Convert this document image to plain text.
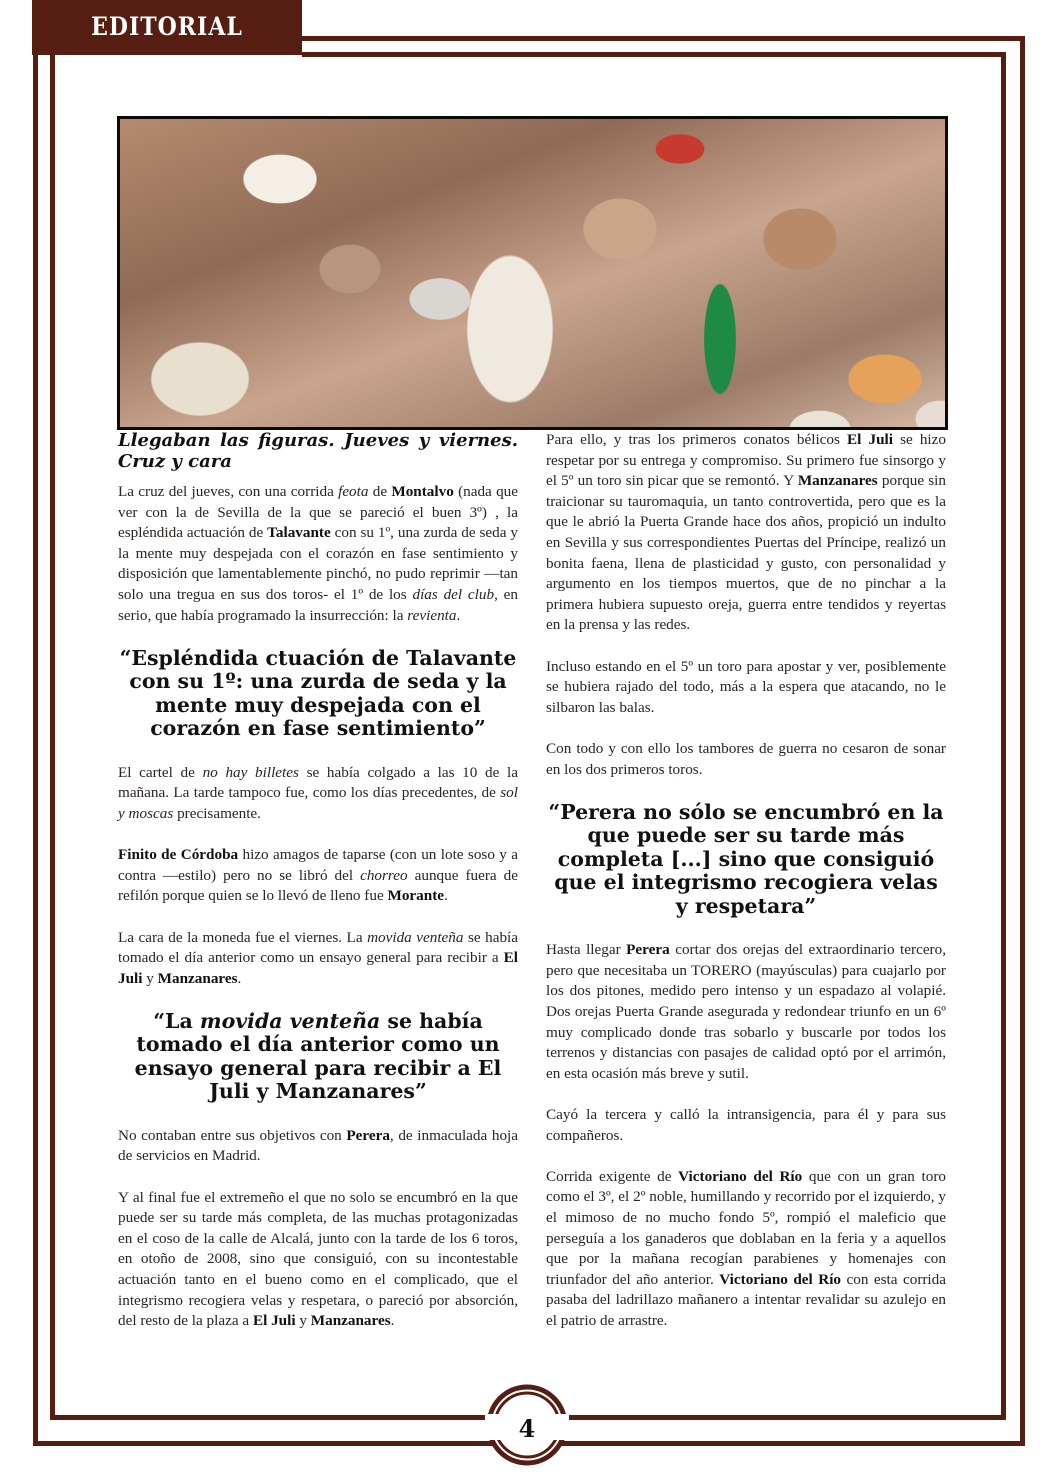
EDITORIAL
Llegaban las figuras. Jueves y viernes. Cruz y cara

La cruz del jueves, con una corrida feota de Montalvo (nada que ver con la de Sevilla de la que se pareció el buen 3º) , la espléndida actuación de Talavante con su 1º, una zurda de seda y la mente muy despejada con el corazón en fase sentimiento y disposición que lamentablemente pinchó, no pudo reprimir —tan solo una tregua en sus dos toros- el 1º de los días del club, en serio, que había programado la insurrección: la revienta.

“Espléndida ctuación de Talavante con su 1º: una zurda de seda y la mente muy despejada con el corazón en fase sentimiento”

El cartel de no hay billetes se había colgado a las 10 de la mañana. La tarde tampoco fue, como los días precedentes, de sol y moscas precisamente.

Finito de Córdoba hizo amagos de taparse (con un lote soso y a contra —estilo) pero no se libró del chorreo aunque fuera de refilón porque quien se lo llevó de lleno fue Morante.

La cara de la moneda fue el viernes. La movida venteña se había tomado el día anterior como un ensayo general para recibir a El Juli y Manzanares.

“La movida venteña se había tomado el día anterior como un ensayo general para recibir a El Juli y Manzanares”

No contaban entre sus objetivos con Perera, de inmaculada hoja de servicios en Madrid.

Y al final fue el extremeño el que no solo se encumbró en la que puede ser su tarde más completa, de las muchas protagonizadas en el coso de la calle de Alcalá, junto con la tarde de los 6 toros, en otoño de 2008, sino que consiguió, con su incontestable actuación tanto en el bueno como en el complicado, que el integrismo recogiera velas y respetara, o pareció por absorción, del resto de la plaza a El Juli y Manzanares.

Para ello, y tras los primeros conatos bélicos El Juli se hizo respetar por su entrega y compromiso. Su primero fue sinsorgo y el 5º un toro sin picar que se remontó. Y Manzanares porque sin traicionar su tauromaquia, un tanto controvertida, pero que es la que le abrió la Puerta Grande hace dos años, propició un indulto en Sevilla y sus correspondientes Puertas del Príncipe, realizó un bonita faena, llena de plasticidad y gusto, con personalidad y argumento en los tiempos muertos, que de no pinchar a la primera hubiera supuesto oreja, guerra entre tendidos y reyertas en la prensa y las redes.

Incluso estando en el 5º un toro para apostar y ver, posiblemente se hubiera rajado del todo, más a la espera que atacando, no le silbaron las balas.

Con todo y con ello los tambores de guerra no cesaron de sonar en los dos primeros toros.

“Perera no sólo se encumbró en la que puede ser su tarde más completa [...] sino que consiguió que el integrismo recogiera velas y respetara”

Hasta llegar Perera cortar dos orejas del extraordinario tercero, pero que necesitaba un TORERO (mayúsculas) para cuajarlo por los dos pitones, medido pero intenso y un espadazo al volapié. Dos orejas Puerta Grande asegurada y redondear triunfo en un 6º muy complicado donde tras sobarlo y buscarle por todos los terrenos y distancias con pasajes de calidad optó por el arrimón, en esta ocasión más breve y sutil.

Cayó la tercera y calló la intransigencia, para él y para sus compañeros.

Corrida exigente de Victoriano del Río que con un gran toro como el 3º, el 2º noble, humillando y recorrido por el izquierdo, y el mimoso de no mucho fondo 5º, rompió el maleficio que perseguía a los ganaderos que doblaban en la feria y a aquellos que por la mañana recogían parabienes y homenajes con triunfador del año anterior. Victoriano del Río con esta corrida pasaba del ladrillazo mañanero a intentar revalidar su azulejo en el patrio de arrastre.

4
